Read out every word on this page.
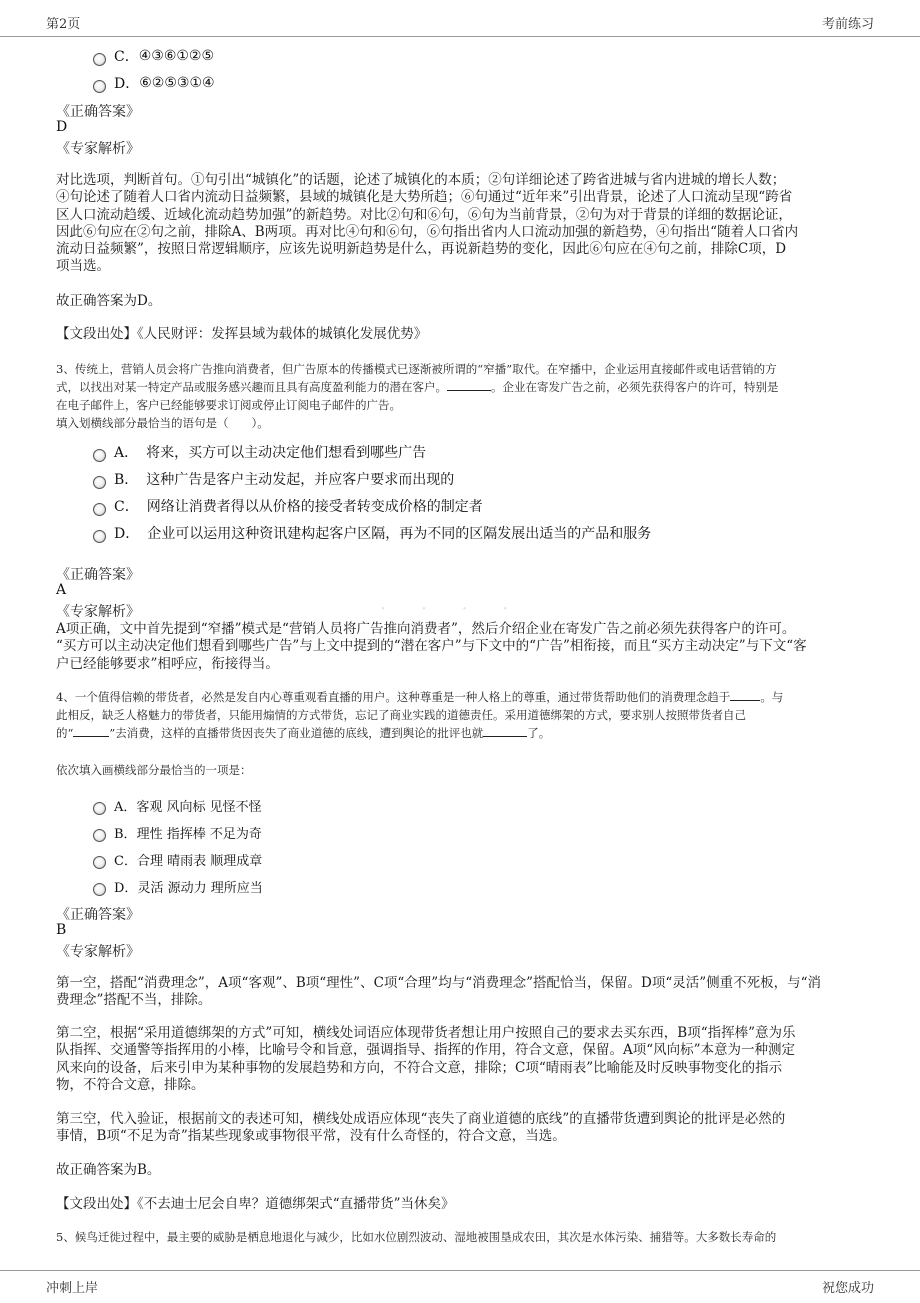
第2页	考前练习
· · · ·
C． ④③⑥①②⑤
D． ⑥②⑤③①④
《正确答案》
D
《专家解析》
对比选项，判断首句。①句引出“城镇化”的话题，论述了城镇化的本质；②句详细论述了跨省进城与省内进城的增长人数；
④句论述了随着人口省内流动日益频繁，县域的城镇化是大势所趋；⑥句通过“近年来”引出背景，论述了人口流动呈现“跨省
区人口流动趋缓、近域化流动趋势加强”的新趋势。对比②句和⑥句，⑥句为当前背景，②句为对于背景的详细的数据论证，
因此⑥句应在②句之前，排除A、B两项。再对比④句和⑥句，⑥句指出省内人口流动加强的新趋势，④句指出“随着人口省内
流动日益频繁”，按照日常逻辑顺序，应该先说明新趋势是什么，再说新趋势的变化，因此⑥句应在④句之前，排除C项，D
项当选。
故正确答案为D。
【文段出处】《人民财评：发挥县域为载体的城镇化发展优势》
3、传统上，营销人员会将广告推向消费者，但广告原本的传播模式已逐渐被所谓的“窄播”取代。在窄播中，企业运用直接邮件或电话营销的方
式，以找出对某一特定产品或服务感兴趣而且具有高度盈利能力的潜在客户。	。企业在寄发广告之前，必须先获得客户的许可，特别是
在电子邮件上，客户已经能够要求订阅或停止订阅电子邮件的广告。
填入划横线部分最恰当的语句是（　　）。
A． 将来，买方可以主动决定他们想看到哪些广告
B． 这种广告是客户主动发起，并应客户要求而出现的
C． 网络让消费者得以从价格的接受者转变成价格的制定者
D． 企业可以运用这种资讯建构起客户区隔，再为不同的区隔发展出适当的产品和服务
《正确答案》
A
《专家解析》
A项正确，文中首先提到“窄播”模式是“营销人员将广告推向消费者”，然后介绍企业在寄发广告之前必须先获得客户的许可。
“买方可以主动决定他们想看到哪些广告”与上文中提到的“潜在客户”与下文中的“广告”相衔接，而且“买方主动决定”与下文“客
户已经能够要求”相呼应，衔接得当。
4、一个值得信赖的带货者，必然是发自内心尊重观看直播的用户。这种尊重是一种人格上的尊重，通过带货帮助他们的消费理念趋于	。与
此相反，缺乏人格魅力的带货者，只能用煽情的方式带货，忘记了商业实践的道德责任。采用道德绑架的方式，要求别人按照带货者自己
的“	”去消费，这样的直播带货因丧失了商业道德的底线，遭到舆论的批评也就	了。
依次填入画横线部分最恰当的一项是：
A． 客观 风向标 见怪不怪
B． 理性 指挥棒 不足为奇
C． 合理 晴雨表 顺理成章
D． 灵活 源动力 理所应当
《正确答案》
B
《专家解析》
第一空，搭配“消费理念”，A项“客观”、B项“理性”、C项“合理”均与“消费理念”搭配恰当，保留。D项“灵活”侧重不死板，与“消
费理念”搭配不当，排除。
第二空，根据“采用道德绑架的方式”可知，横线处词语应体现带货者想让用户按照自己的要求去买东西，B项“指挥棒”意为乐
队指挥、交通警等指挥用的小棒，比喻号令和旨意，强调指导、指挥的作用，符合文意，保留。A项“风向标”本意为一种测定
风来向的设备，后来引申为某种事物的发展趋势和方向，不符合文意，排除；C项“晴雨表”比喻能及时反映事物变化的指示
物，不符合文意，排除。
第三空，代入验证，根据前文的表述可知，横线处成语应体现“丧失了商业道德的底线”的直播带货遭到舆论的批评是必然的
事情，B项“不足为奇”指某些现象或事物很平常，没有什么奇怪的，符合文意，当选。
故正确答案为B。
【文段出处】《不去迪士尼会自卑？道德绑架式“直播带货”当休矣》
5、候鸟迁徙过程中，最主要的威胁是栖息地退化与减少，比如水位剧烈波动、湿地被围垦成农田，其次是水体污染、捕猎等。大多数长寿命的
冲刺上岸	祝您成功
